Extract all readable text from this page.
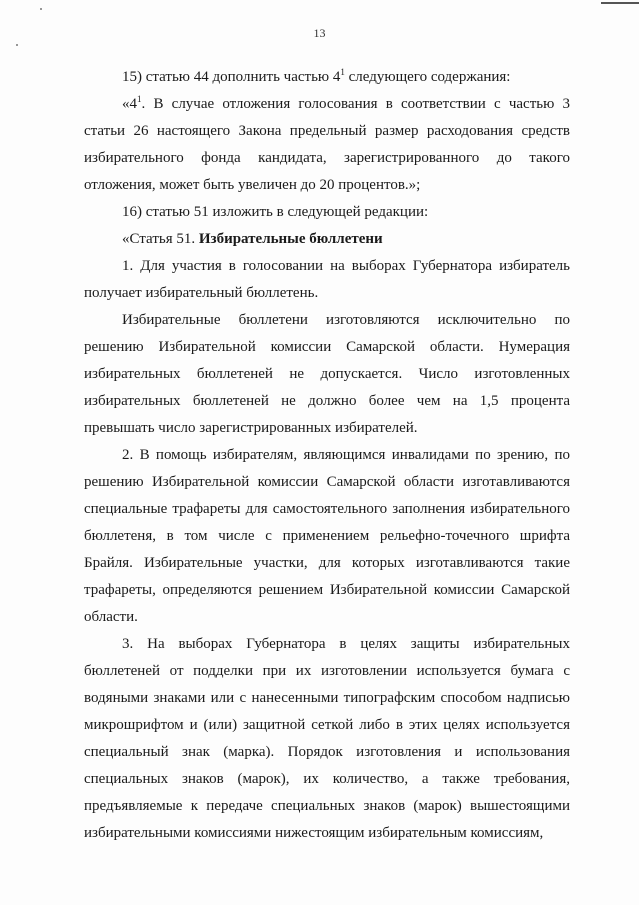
13

15) статью 44 дополнить частью $4^1$ следующего содержания:

«$4^1$. В случае отложения голосования в соответствии с частью 3 статьи 26 настоящего Закона предельный размер расходования средств избирательного фонда кандидата, зарегистрированного до такого отложения, может быть увеличен до 20 процентов.»;

16) статью 51 изложить в следующей редакции:

«Статья 51. Избирательные бюллетени

1. Для участия в голосовании на выборах Губернатора избиратель получает избирательный бюллетень.

Избирательные бюллетени изготовляются исключительно по решению Избирательной комиссии Самарской области. Нумерация избирательных бюллетеней не допускается. Число изготовленных избирательных бюллетеней не должно более чем на 1,5 процента превышать число зарегистрированных избирателей.

2. В помощь избирателям, являющимся инвалидами по зрению, по решению Избирательной комиссии Самарской области изготавливаются специальные трафареты для самостоятельного заполнения избирательного бюллетеня, в том числе с применением рельефно-точечного шрифта Брайля. Избирательные участки, для которых изготавливаются такие трафареты, определяются решением Избирательной комиссии Самарской области.

3. На выборах Губернатора в целях защиты избирательных бюллетеней от подделки при их изготовлении используется бумага с водяными знаками или с нанесенными типографским способом надписью микрошрифтом и (или) защитной сеткой либо в этих целях используется специальный знак (марка). Порядок изготовления и использования специальных знаков (марок), их количество, а также требования, предъявляемые к передаче специальных знаков (марок) вышестоящими избирательными комиссиями нижестоящим избирательным комиссиям,
